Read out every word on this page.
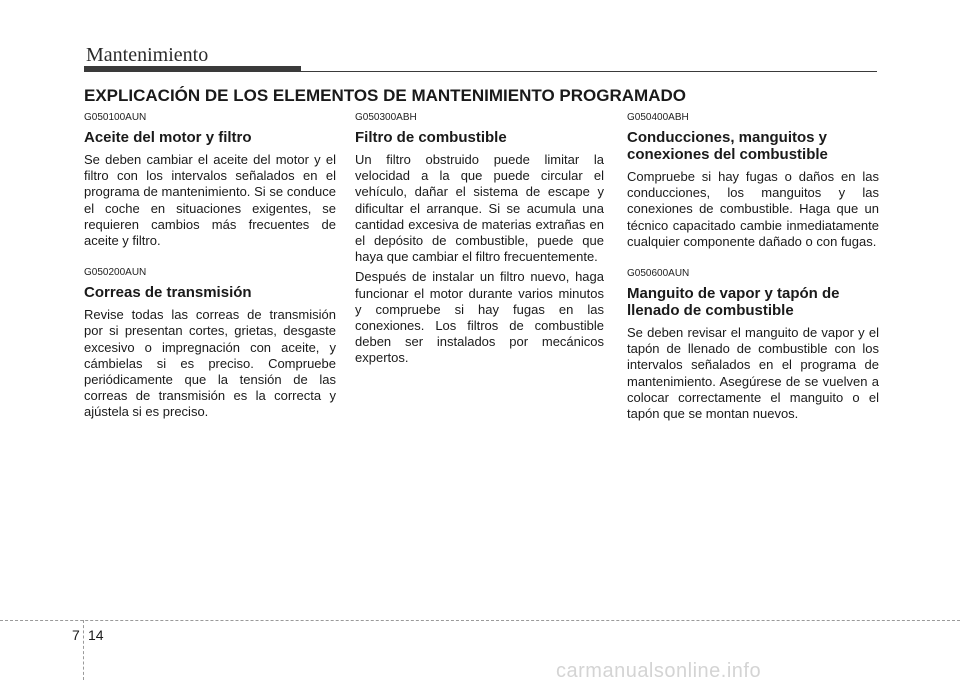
Mantenimiento
EXPLICACIÓN DE LOS ELEMENTOS DE MANTENIMIENTO PROGRAMADO

G050100AUN

Aceite del motor y filtro

Se deben cambiar el aceite del motor y el filtro con los intervalos señalados en el programa de mantenimiento. Si se conduce el coche en situaciones exigentes, se requieren cambios más frecuentes de aceite y filtro.

G050200AUN

Correas de transmisión

Revise todas las correas de transmisión por si presentan cortes, grietas, desgaste excesivo o impregnación con aceite, y cámbielas si es preciso. Compruebe periódicamente que la tensión de las correas de transmisión es la correcta y ajústela si es preciso.

G050300ABH

Filtro de combustible

Un filtro obstruido puede limitar la velocidad a la que puede circular el vehículo, dañar el sistema de escape y dificultar el arranque. Si se acumula una cantidad excesiva de materias extrañas en el depósito de combustible, puede que haya que cambiar el filtro frecuentemente.

Después de instalar un filtro nuevo, haga funcionar el motor durante varios minutos y compruebe si hay fugas en las conexiones. Los filtros de combustible deben ser instalados por mecánicos expertos.

G050400ABH

Conducciones, manguitos y conexiones del combustible

Compruebe si hay fugas o daños en las conducciones, los manguitos y las conexiones de combustible. Haga que un técnico capacitado cambie inmediatamente cualquier componente dañado o con fugas.

G050600AUN

Manguito de vapor y tapón de llenado de combustible

Se deben revisar el manguito de vapor y el tapón de llenado de combustible con los intervalos señalados en el programa de mantenimiento. Asegúrese de se vuelven a colocar correctamente el manguito o el tapón que se montan nuevos.

7 14
carmanualsonline.info
